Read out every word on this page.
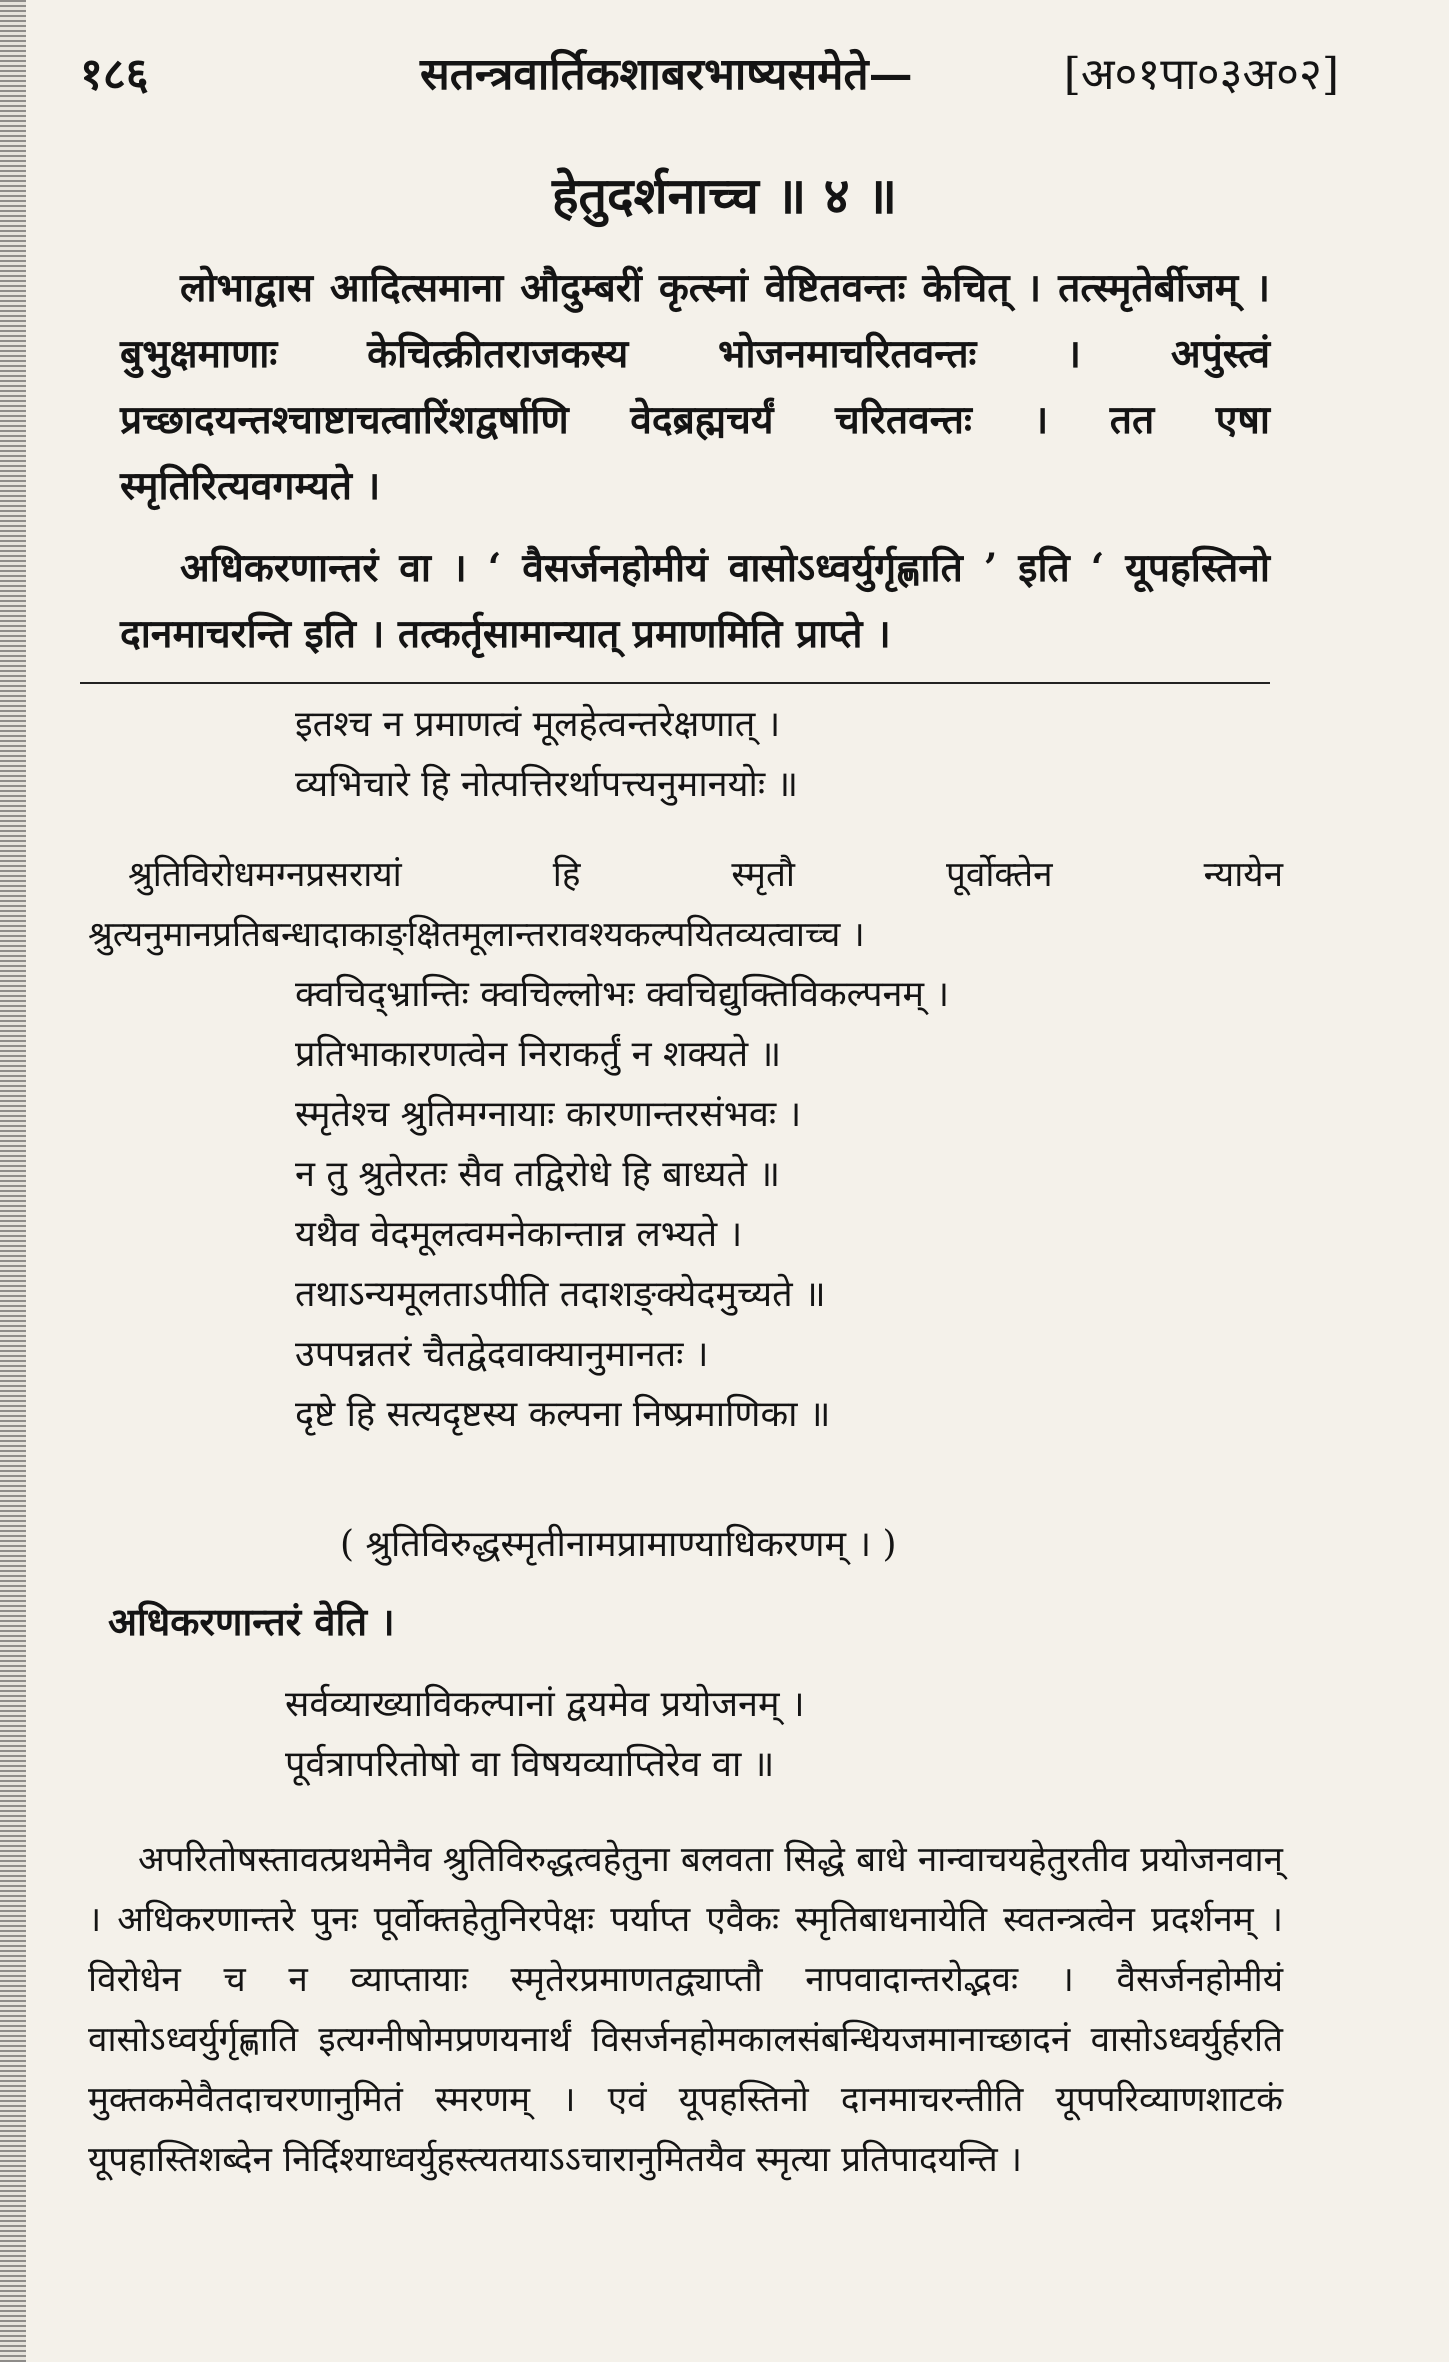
१८६	सतन्त्रवार्तिकशाबरभाष्यसमेते—	[अ०१पा०३अ०२]
हेतुदर्शनाच्च ॥ ४ ॥
लोभाद्वास आदित्समाना औदुम्बरीं कृत्स्नां वेष्टितवन्तः केचित् । तत्स्मृतेर्बीजम् । बुभुक्षमाणाः केचित्क्रीतराजकस्य भोजनमाचरितवन्तः । अपुंस्त्वं प्रच्छादयन्तश्चाष्टाचत्वारिंशद्वर्षाणि वेदब्रह्मचर्यं चरितवन्तः । तत एषा स्मृतिरित्यवगम्यते ।
अधिकरणान्तरं वा । ‘ वैसर्जनहोमीयं वासोऽध्वर्युर्गृह्णाति ’ इति ‘ यूपहस्तिनो दानमाचरन्ति इति । तत्कर्तृसामान्यात् प्रमाणमिति प्राप्ते ।
इतश्च न प्रमाणत्वं मूलहेत्वन्तरेक्षणात् ।
व्यभिचारे हि नोत्पत्तिरर्थापत्त्यनुमानयोः ॥
श्रुतिविरोधमग्नप्रसरायां हि स्मृतौ पूर्वोक्तेन न्यायेन श्रुत्यनुमानप्रतिबन्धादाकाङ्क्षितमूलान्तरावश्यकल्पयितव्यत्वाच्च ।
क्वचिद्भ्रान्तिः क्वचिल्लोभः क्वचिद्युक्तिविकल्पनम् ।
प्रतिभाकारणत्वेन निराकर्तुं न शक्यते ॥
स्मृतेश्च श्रुतिमग्नायाः कारणान्तरसंभवः ।
न तु श्रुतेरतः सैव तद्विरोधे हि बाध्यते ॥
यथैव वेदमूलत्वमनेकान्तान्न लभ्यते ।
तथाऽन्यमूलताऽपीति तदाशङ्क्येदमुच्यते ॥
उपपन्नतरं चैतद्वेदवाक्यानुमानतः ।
दृष्टे हि सत्यदृष्टस्य कल्पना निष्प्रमाणिका ॥
( श्रुतिविरुद्धस्मृतीनामप्रामाण्याधिकरणम् । )
अधिकरणान्तरं वेति ।
सर्वव्याख्याविकल्पानां द्वयमेव प्रयोजनम् ।
पूर्वत्रापरितोषो वा विषयव्याप्तिरेव वा ॥
अपरितोषस्तावत्प्रथमेनैव श्रुतिविरुद्धत्वहेतुना बलवता सिद्धे बाधे नान्वाचयहेतुरतीव प्रयोजनवान् । अधिकरणान्तरे पुनः पूर्वोक्तहेतुनिरपेक्षः पर्याप्त एवैकः स्मृतिबाधनायेति स्वतन्त्रत्वेन प्रदर्शनम् । विरोधेन च न व्याप्तायाः स्मृतेरप्रमाणतद्व्याप्तौ नापवादान्तरोद्भवः । वैसर्जनहोमीयं वासोऽध्वर्युर्गृह्णाति इत्यग्नीषोमप्रणयनार्थं विसर्जनहोमकालसंबन्धियजमानाच्छादनं वासोऽध्वर्युर्हरति मुक्तकमेवैतदाचरणानुमितं स्मरणम् । एवं यूपहस्तिनो दानमाचरन्तीति यूपपरिव्याणशाटकं यूपहास्तिशब्देन निर्दिश्याध्वर्युहस्त्यतयाऽऽचारानुमितयैव स्मृत्या प्रतिपादयन्ति ।
